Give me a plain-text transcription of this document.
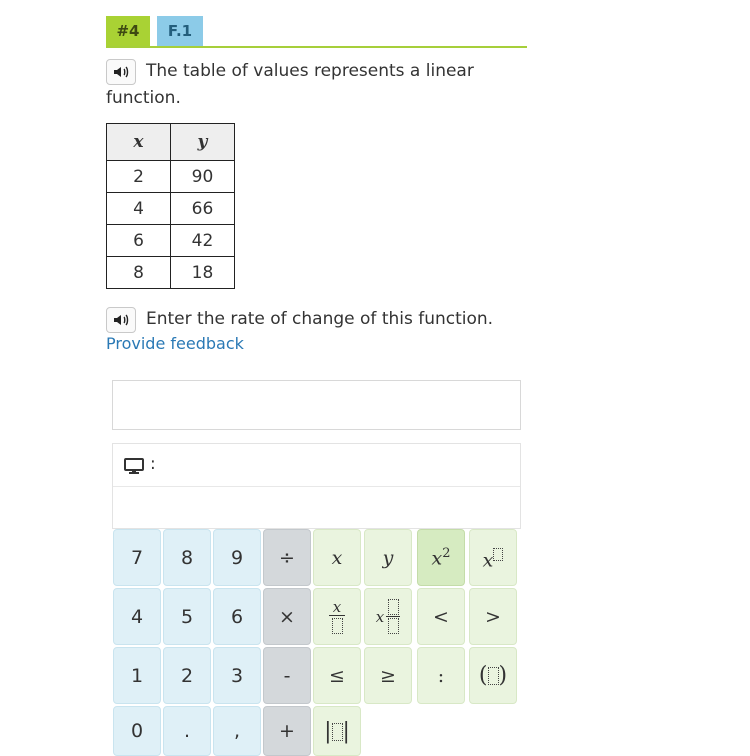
#4	F.1
The table of values represents a linear function.
x	y
2	90
4	66
6	42
8	18
Enter the rate of change of this function.
Provide feedback
:
7	8	9	÷	x	y	$x^2$ x
4	5	6	×	x
x	<	>
1	2	3	-	≤	≥	:	( )
0	.	,	+	| |
